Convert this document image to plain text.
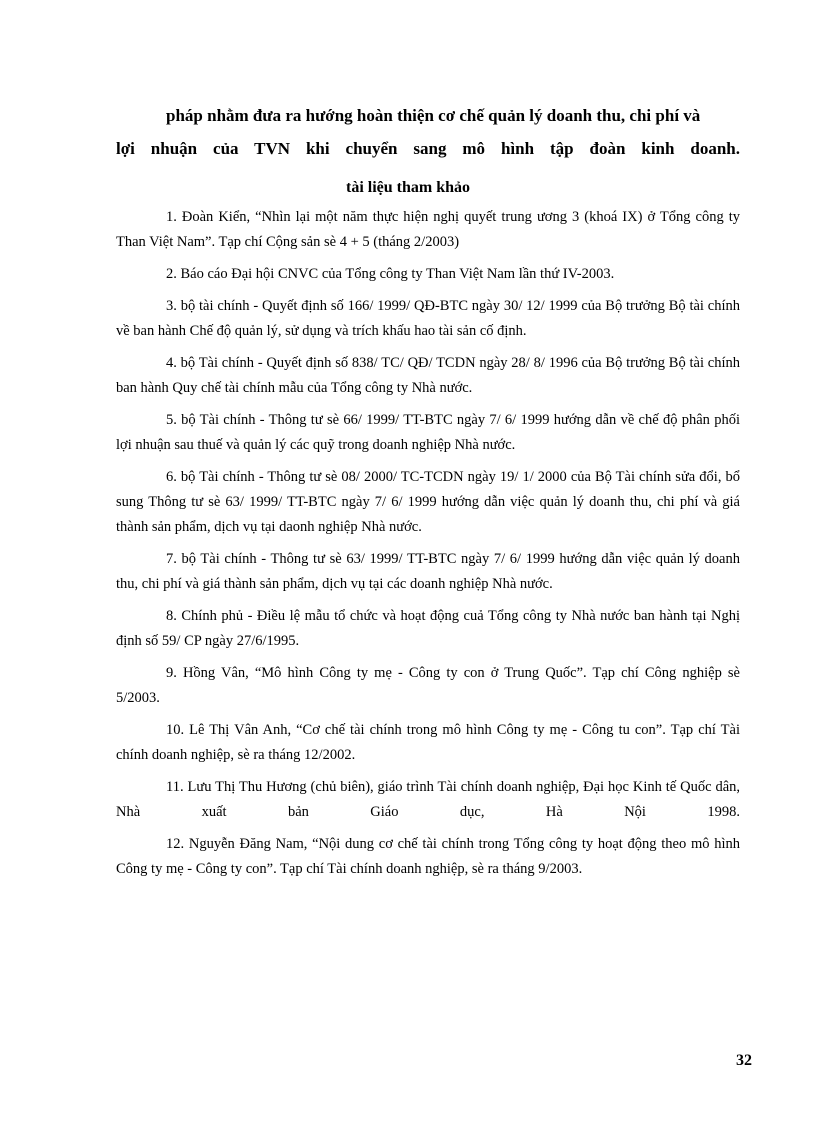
pháp nhằm đưa ra hướng hoàn thiện cơ chế quản lý doanh thu, chi phí và
lợi nhuận của TVN khi chuyển sang mô hình tập đoàn kinh doanh.
tài liệu tham khảo

1. Đoàn Kiển, “Nhìn lại một năm thực hiện nghị quyết trung ương 3 (khoá IX) ở Tổng công ty Than Việt Nam”. Tạp chí Cộng sản sè 4 + 5 (tháng 2/2003)

2. Báo cáo Đại hội CNVC của Tổng công ty Than Việt Nam lần thứ IV-2003.

3. bộ tài chính - Quyết định số 166/ 1999/ QĐ-BTC ngày 30/ 12/ 1999 của Bộ trưởng Bộ tài chính về ban hành Chế độ quản lý, sử dụng và trích khấu hao tài sản cố định.

4. bộ Tài chính - Quyết định số 838/ TC/ QĐ/ TCDN ngày 28/ 8/ 1996 của Bộ trưởng Bộ tài chính ban hành Quy chế tài chính mẫu của Tổng công ty Nhà nước.

5. bộ Tài chính - Thông tư sè 66/ 1999/ TT-BTC ngày 7/ 6/ 1999 hướng dẫn về chế độ phân phối lợi nhuận sau thuế và quản lý các quỹ trong doanh nghiệp Nhà nước.

6. bộ Tài chính - Thông tư sè 08/ 2000/ TC-TCDN ngày 19/ 1/ 2000 của Bộ Tài chính sửa đổi, bổ sung Thông tư sè 63/ 1999/ TT-BTC ngày 7/ 6/ 1999 hướng dẫn việc quản lý doanh thu, chi phí và giá thành sản phẩm, dịch vụ tại daonh nghiệp Nhà nước.

7. bộ Tài chính - Thông tư sè 63/ 1999/ TT-BTC ngày 7/ 6/ 1999 hướng dẫn việc quản lý doanh thu, chi phí và giá thành sản phẩm, dịch vụ tại các doanh nghiệp Nhà nước.

8. Chính phủ - Điều lệ mẫu tổ chức và hoạt động cuả Tổng công ty Nhà nước ban hành tại Nghị định số 59/ CP ngày 27/6/1995.

9. Hồng Vân, “Mô hình Công ty mẹ - Công ty con ở Trung Quốc”. Tạp chí Công nghiệp sè 5/2003.

10. Lê Thị Vân Anh, “Cơ chế tài chính trong mô hình Công ty mẹ - Công tu con”. Tạp chí Tài chính doanh nghiệp, sè ra tháng 12/2002.

11. Lưu Thị Thu Hương (chủ biên), giáo trình Tài chính doanh nghiệp, Đại học Kinh tế Quốc dân, Nhà xuất bản Giáo dục, Hà Nội 1998.

12. Nguyễn Đăng Nam, “Nội dung cơ chế tài chính trong Tổng công ty hoạt động theo mô hình Công ty mẹ - Công ty con”. Tạp chí Tài chính doanh nghiệp, sè ra tháng 9/2003.

32
